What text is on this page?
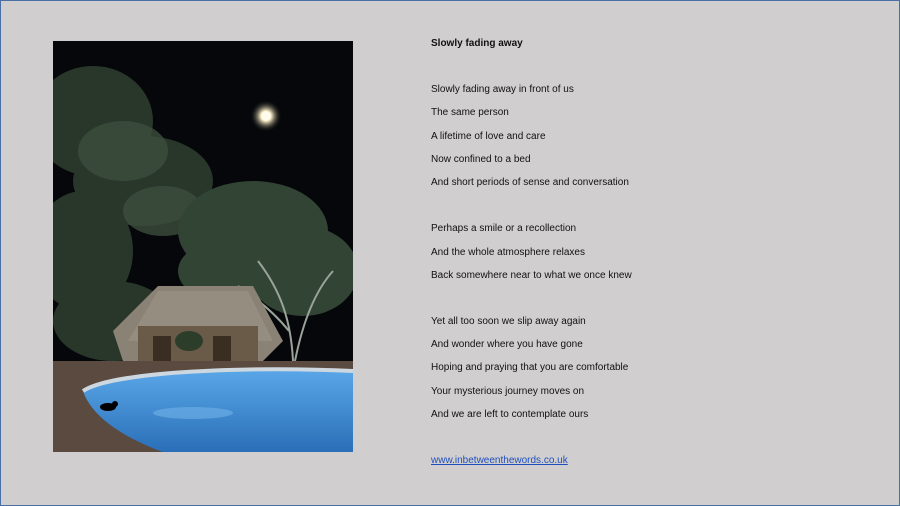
Slowly fading away
Slowly fading away in front of us
The same person
A lifetime of love and care
Now confined to a bed
And short periods of sense and conversation
Perhaps a smile or a recollection
And the whole atmosphere relaxes
Back somewhere near to what we once knew
Yet all too soon we slip away again
And wonder where you have gone
Hoping and praying that you are comfortable
Your mysterious journey moves on
And we are left to contemplate ours
www.inbetweenthewords.co.uk
